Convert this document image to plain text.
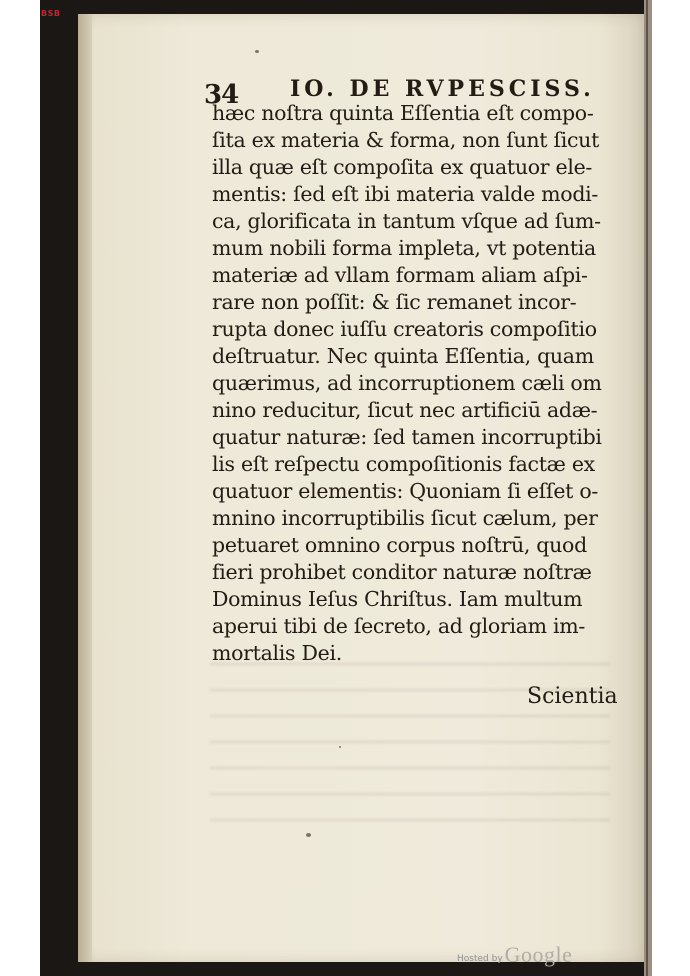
BSB
34 IO. DE RVPESCISS.
hæc noſtra quinta Eſſentia eſt compo-
ſita ex materia & forma, non ſunt ſicut
illa quæ eſt compoſita ex quatuor ele-
mentis: ſed eſt ibi materia valde modi-
ca, glorificata in tantum vſque ad ſum-
mum nobili forma impleta, vt potentia
materiæ ad vllam formam aliam aſpi-
rare non poſſit: & ſic remanet incor-
rupta donec iuſſu creatoris compoſitio
deſtruatur. Nec quinta Eſſentia, quam
quærimus, ad incorruptionem cæli om
nino reducitur, ſicut nec artificiū adæ-
quatur naturæ: ſed tamen incorruptibi
lis eſt reſpectu compoſitionis factæ ex
quatuor elementis: Quoniam ſi eſſet o-
mnino incorruptibilis ſicut cælum, per
petuaret omnino corpus noſtrū, quod
fieri prohibet conditor naturæ noſtræ
Dominus Ieſus Chriſtus. Iam multum
aperui tibi de ſecreto, ad gloriam im-
mortalis Dei.
Scientia
Hosted by Google
